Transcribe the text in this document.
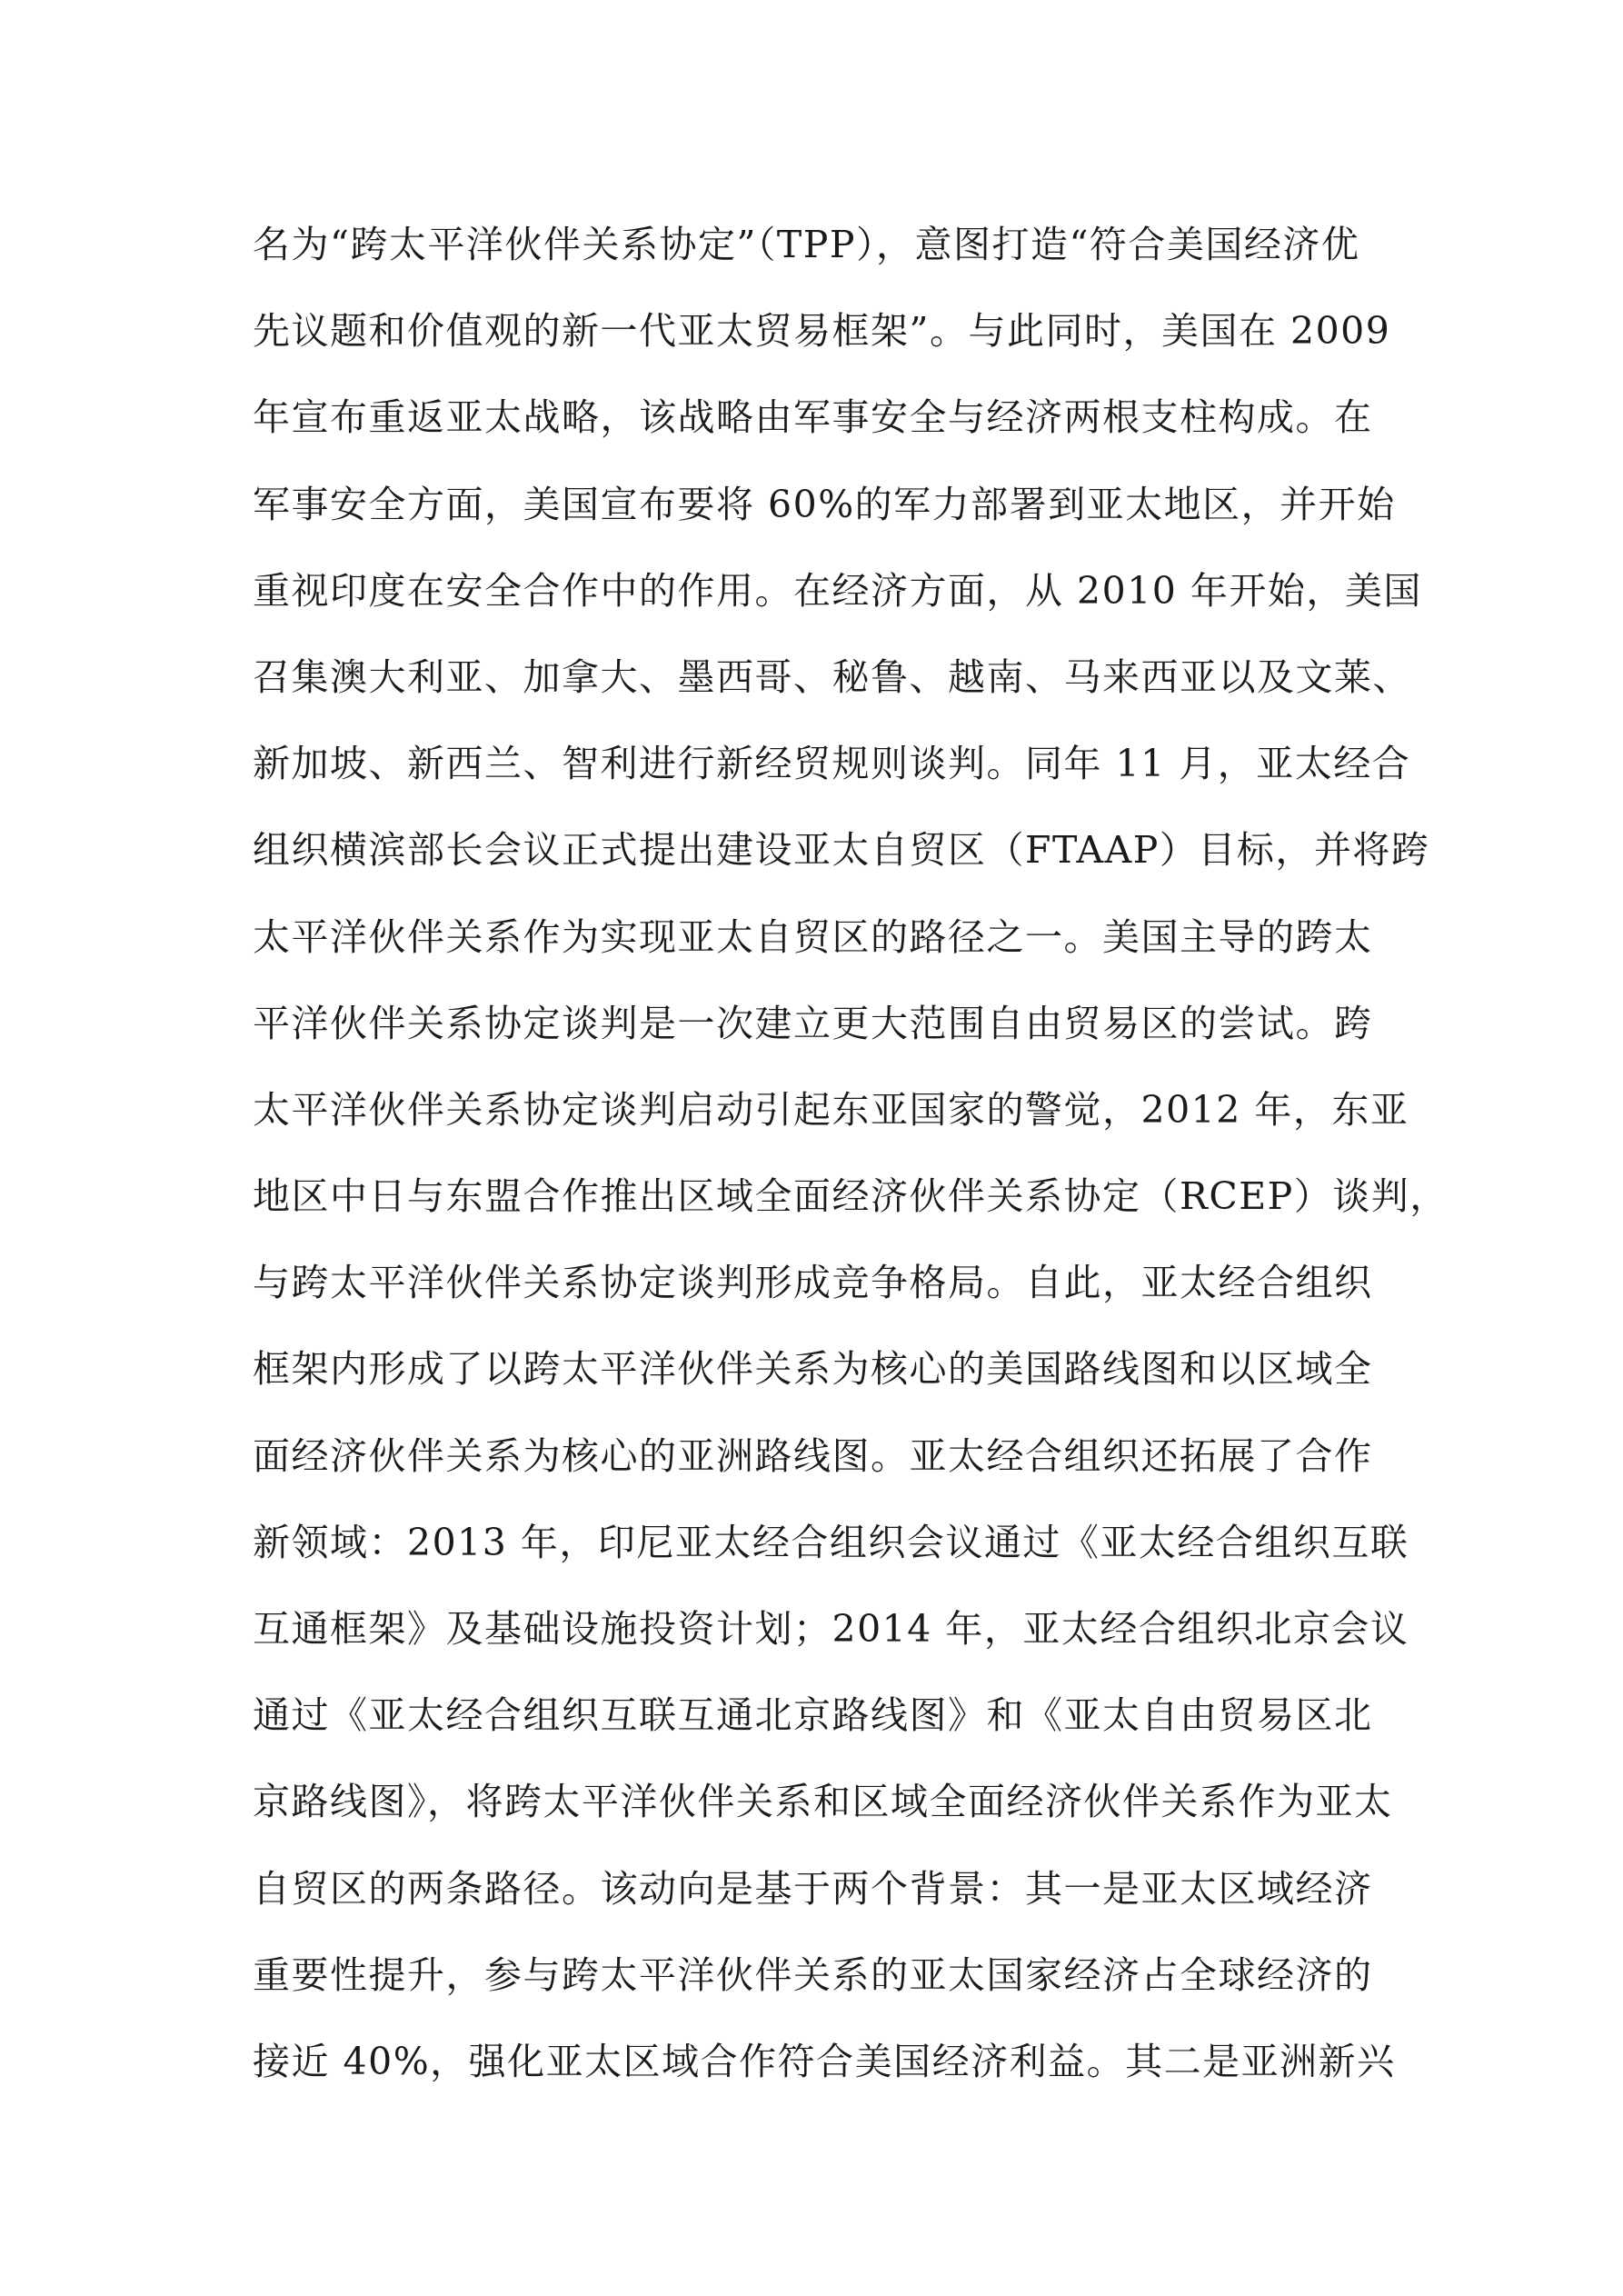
名为“跨太平洋伙伴关系协定”（TPP），意图打造“符合美国经济优
先议题和价值观的新一代亚太贸易框架”。与此同时，美国在 2009
年宣布重返亚太战略，该战略由军事安全与经济两根支柱构成。在
军事安全方面，美国宣布要将 60%的军力部署到亚太地区，并开始
重视印度在安全合作中的作用。在经济方面，从 2010 年开始，美国
召集澳大利亚、加拿大、墨西哥、秘鲁、越南、马来西亚以及文莱、
新加坡、新西兰、智利进行新经贸规则谈判。同年 11 月，亚太经合
组织横滨部长会议正式提出建设亚太自贸区（FTAAP）目标，并将跨
太平洋伙伴关系作为实现亚太自贸区的路径之一。美国主导的跨太
平洋伙伴关系协定谈判是一次建立更大范围自由贸易区的尝试。跨
太平洋伙伴关系协定谈判启动引起东亚国家的警觉，2012 年，东亚
地区中日与东盟合作推出区域全面经济伙伴关系协定（RCEP）谈判，
与跨太平洋伙伴关系协定谈判形成竞争格局。自此，亚太经合组织
框架内形成了以跨太平洋伙伴关系为核心的美国路线图和以区域全
面经济伙伴关系为核心的亚洲路线图。亚太经合组织还拓展了合作
新领域：2013 年，印尼亚太经合组织会议通过《亚太经合组织互联
互通框架》及基础设施投资计划；2014 年，亚太经合组织北京会议
通过《亚太经合组织互联互通北京路线图》和《亚太自由贸易区北
京路线图》，将跨太平洋伙伴关系和区域全面经济伙伴关系作为亚太
自贸区的两条路径。该动向是基于两个背景：其一是亚太区域经济
重要性提升，参与跨太平洋伙伴关系的亚太国家经济占全球经济的
接近 40%，强化亚太区域合作符合美国经济利益。其二是亚洲新兴
